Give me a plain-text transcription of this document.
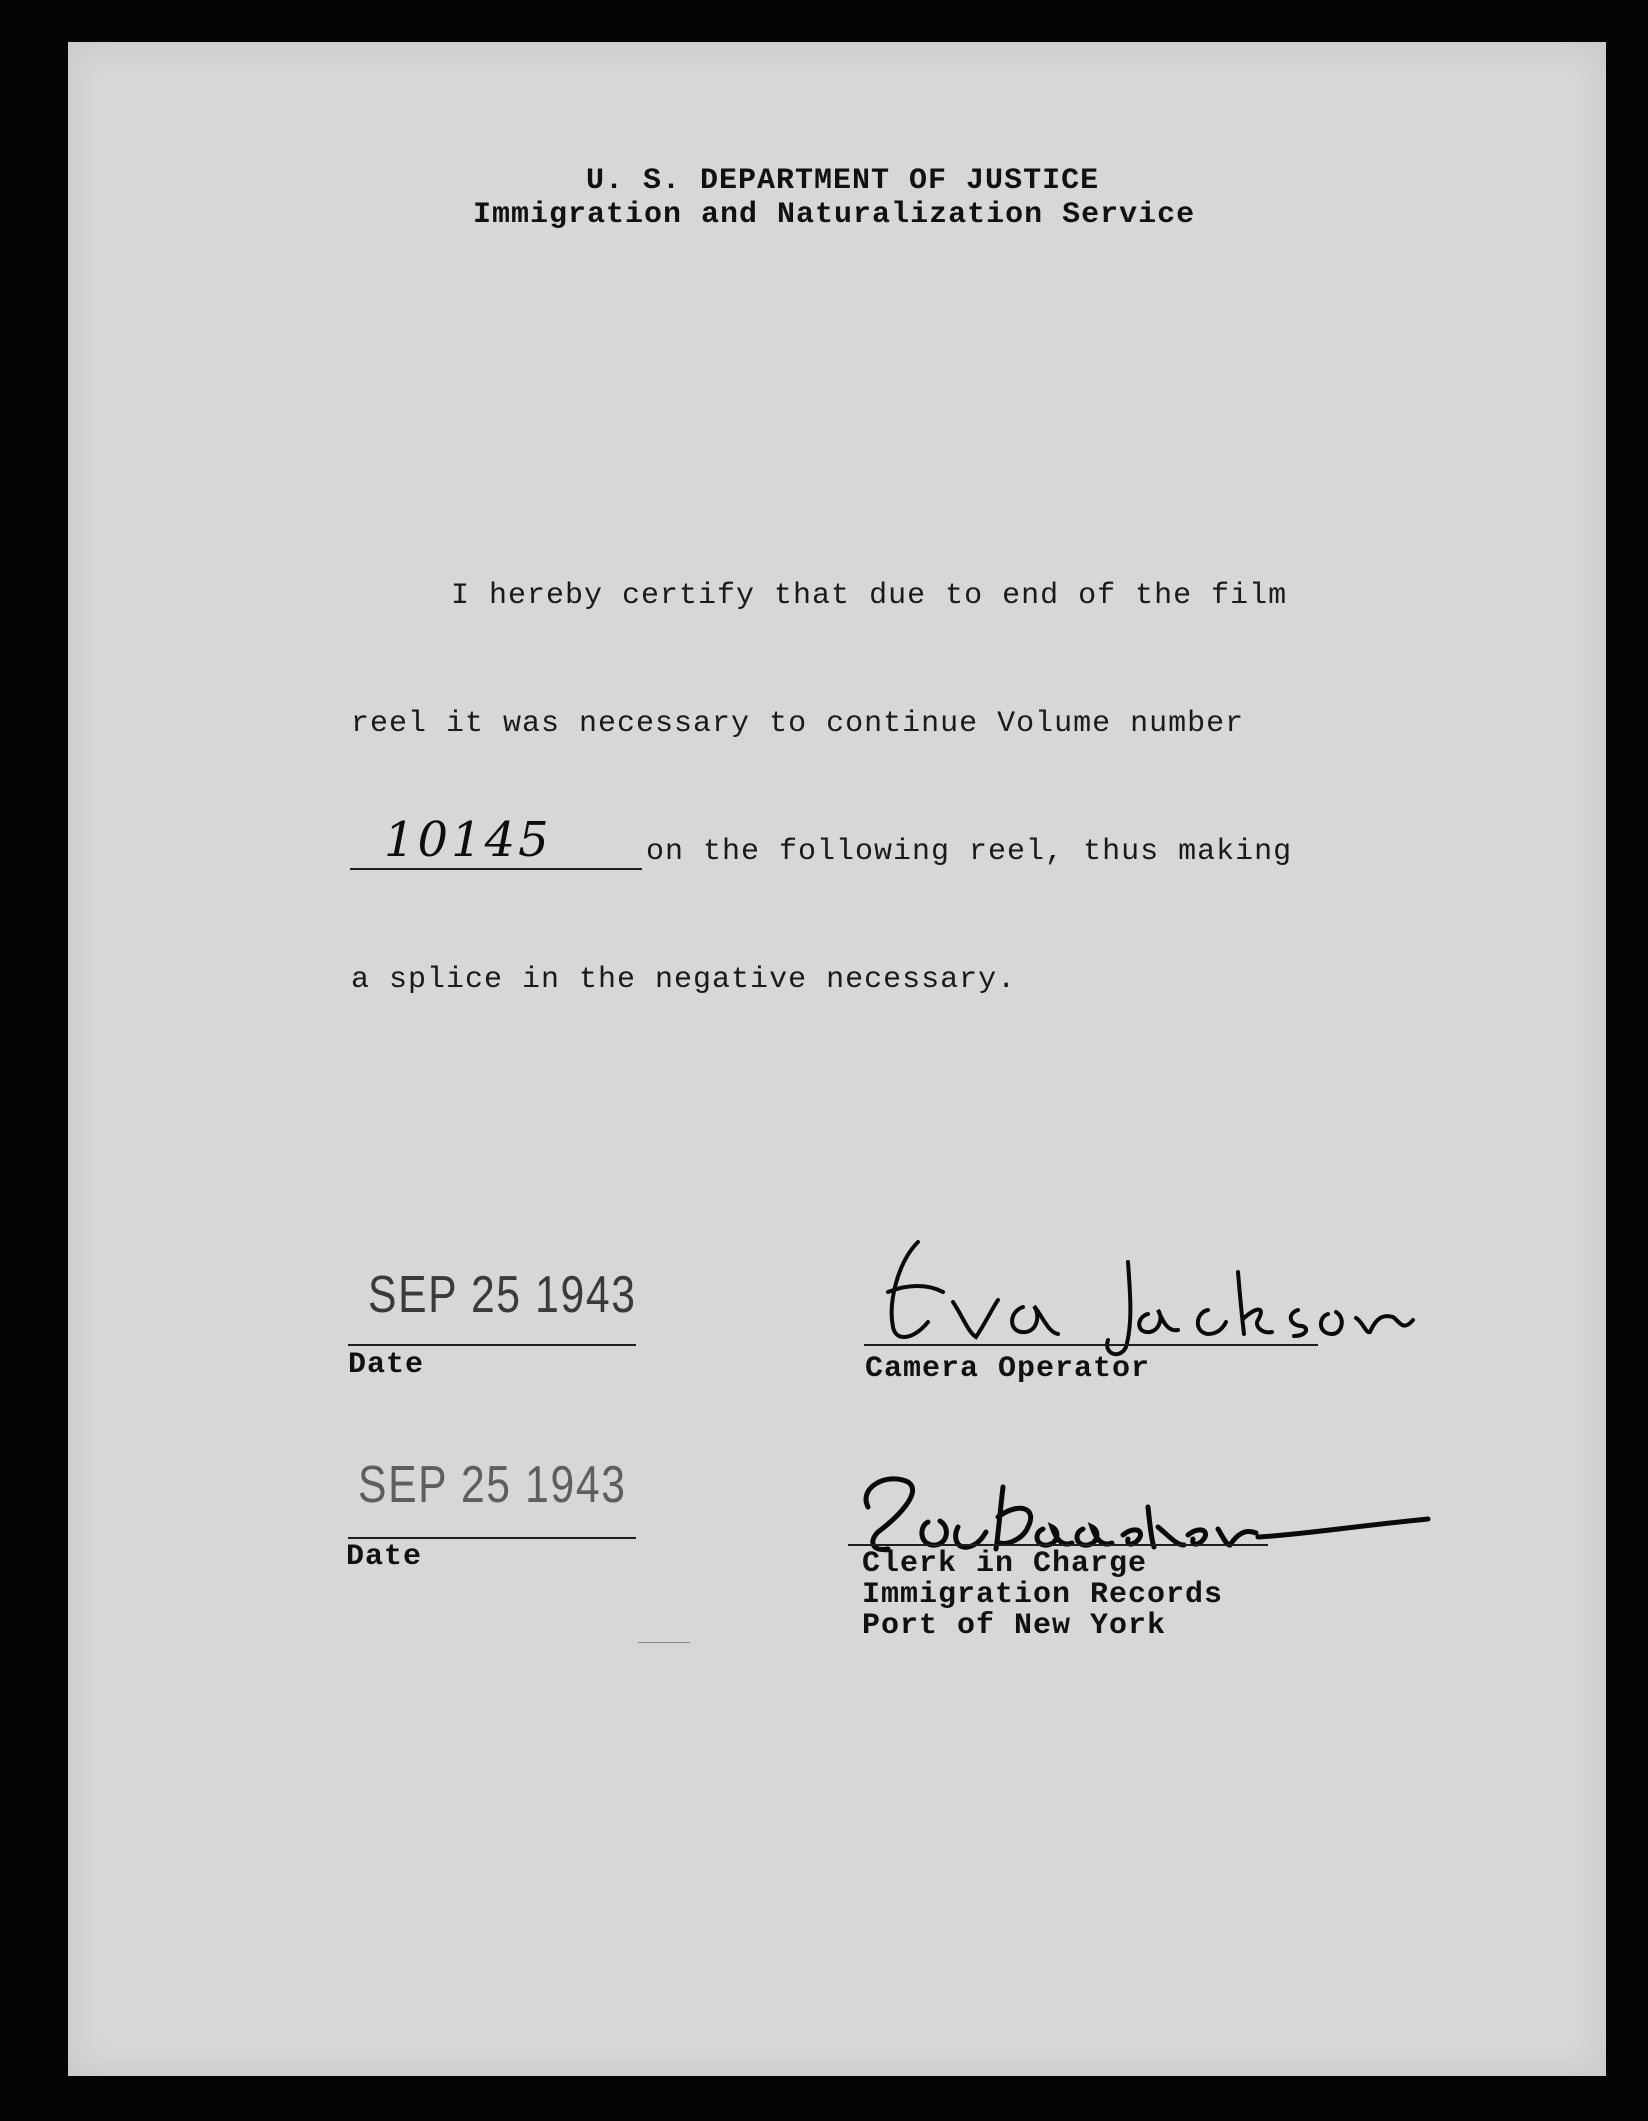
U. S. DEPARTMENT OF JUSTICE
Immigration and Naturalization Service
I hereby certify that due to end of the film
reel it was necessary to continue Volume number
10145	on the following reel, thus making
a splice in the negative necessary.
SEP 25 1943
Date	Camera Operator
SEP 25 1943
Date	Clerk in Charge
Immigration Records
Port of New York
